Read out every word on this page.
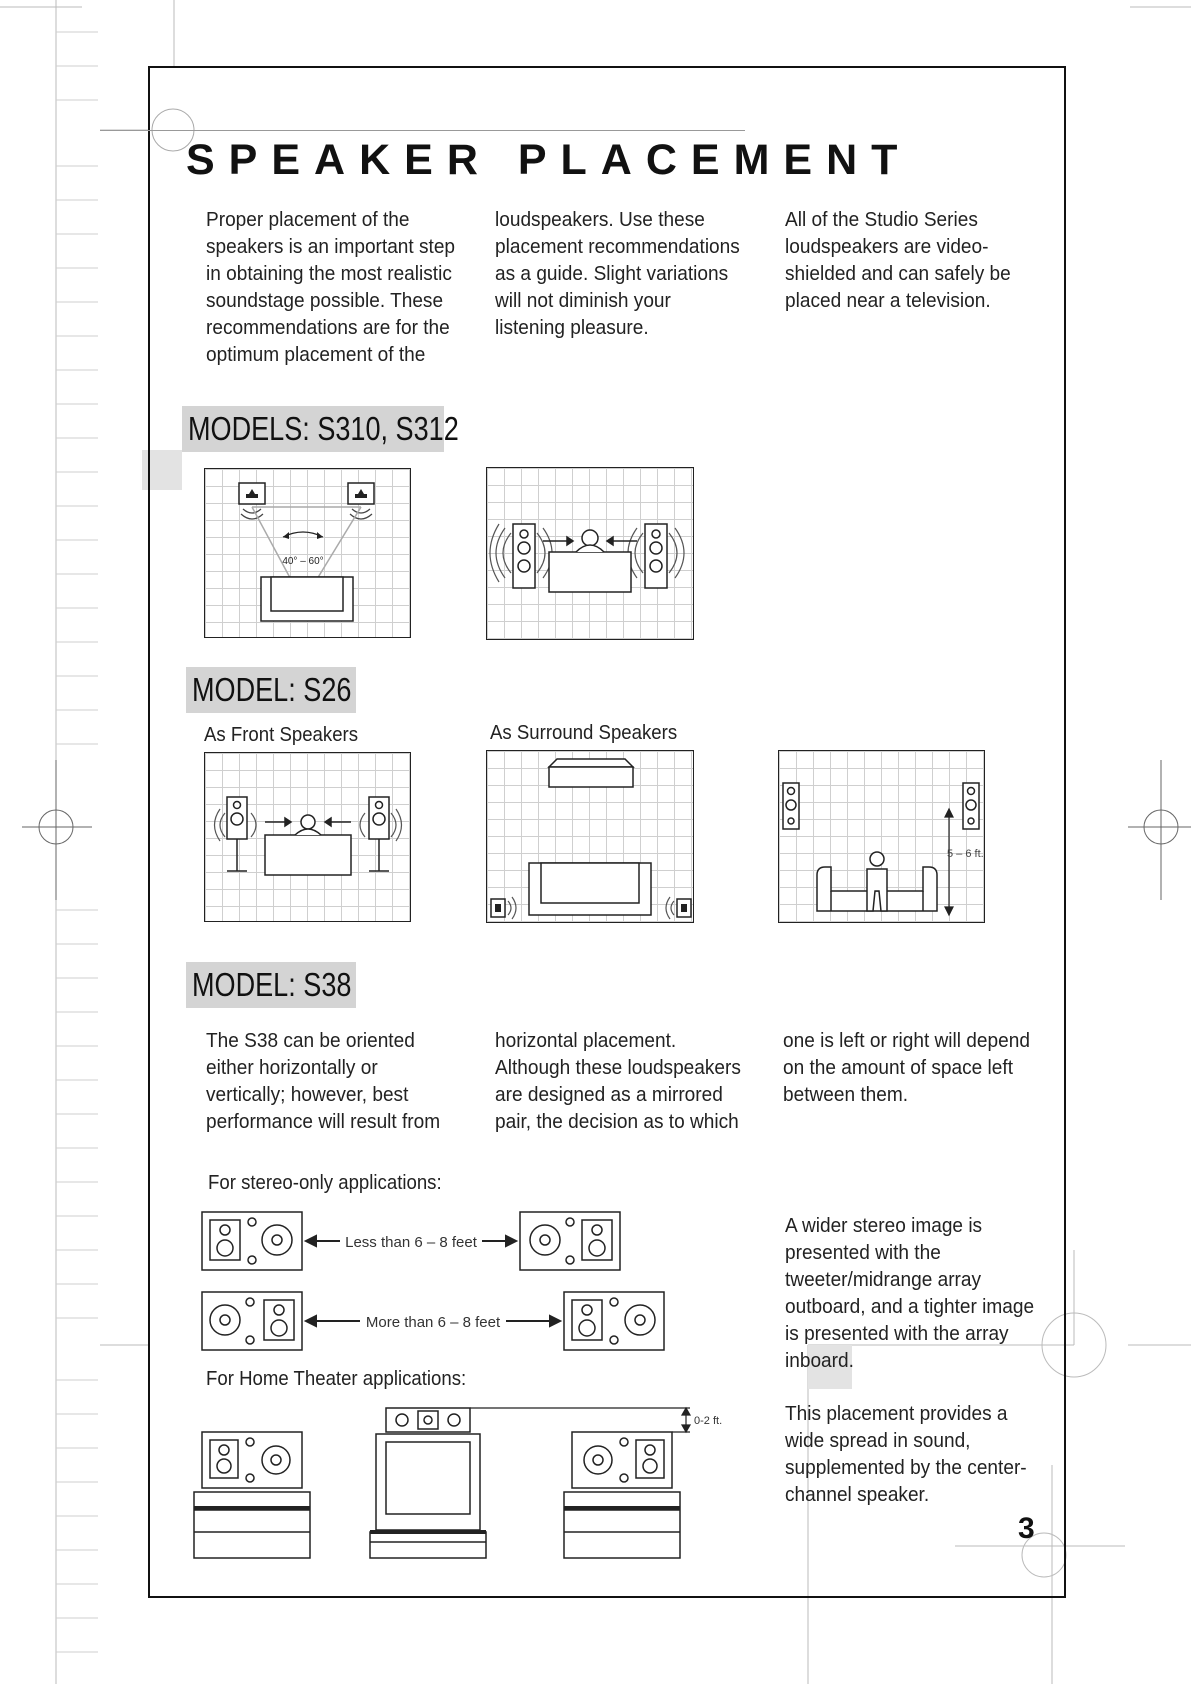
SPEAKER PLACEMENT

Proper placement of the speakers is an important step in obtaining the most realistic soundstage possible. These recommendations are for the optimum placement of the

loudspeakers. Use these placement recommendations as a guide. Slight variations will not diminish your listening pleasure.

All of the Studio Series loudspeakers are video-shielded and can safely be placed near a television.

MODELS: S310, S312
40° – 60°
MODEL: S26
As Front Speakers	As Surround Speakers
5 – 6 ft.
MODEL: S38

The S38 can be oriented either horizontally or vertically; however, best performance will result from

horizontal placement. Although these loudspeakers are designed as a mirrored pair, the decision as to which

one is left or right will depend on the amount of space left between them.

For stereo-only applications:
Less than 6 – 8 feet
More than 6 – 8 feet

A wider stereo image is presented with the tweeter/midrange array outboard, and a tighter image is presented with the array inboard.

For Home Theater applications:
0-2 ft.	This placement provides a wide spread in sound, supplemented by the center-channel speaker.

3
